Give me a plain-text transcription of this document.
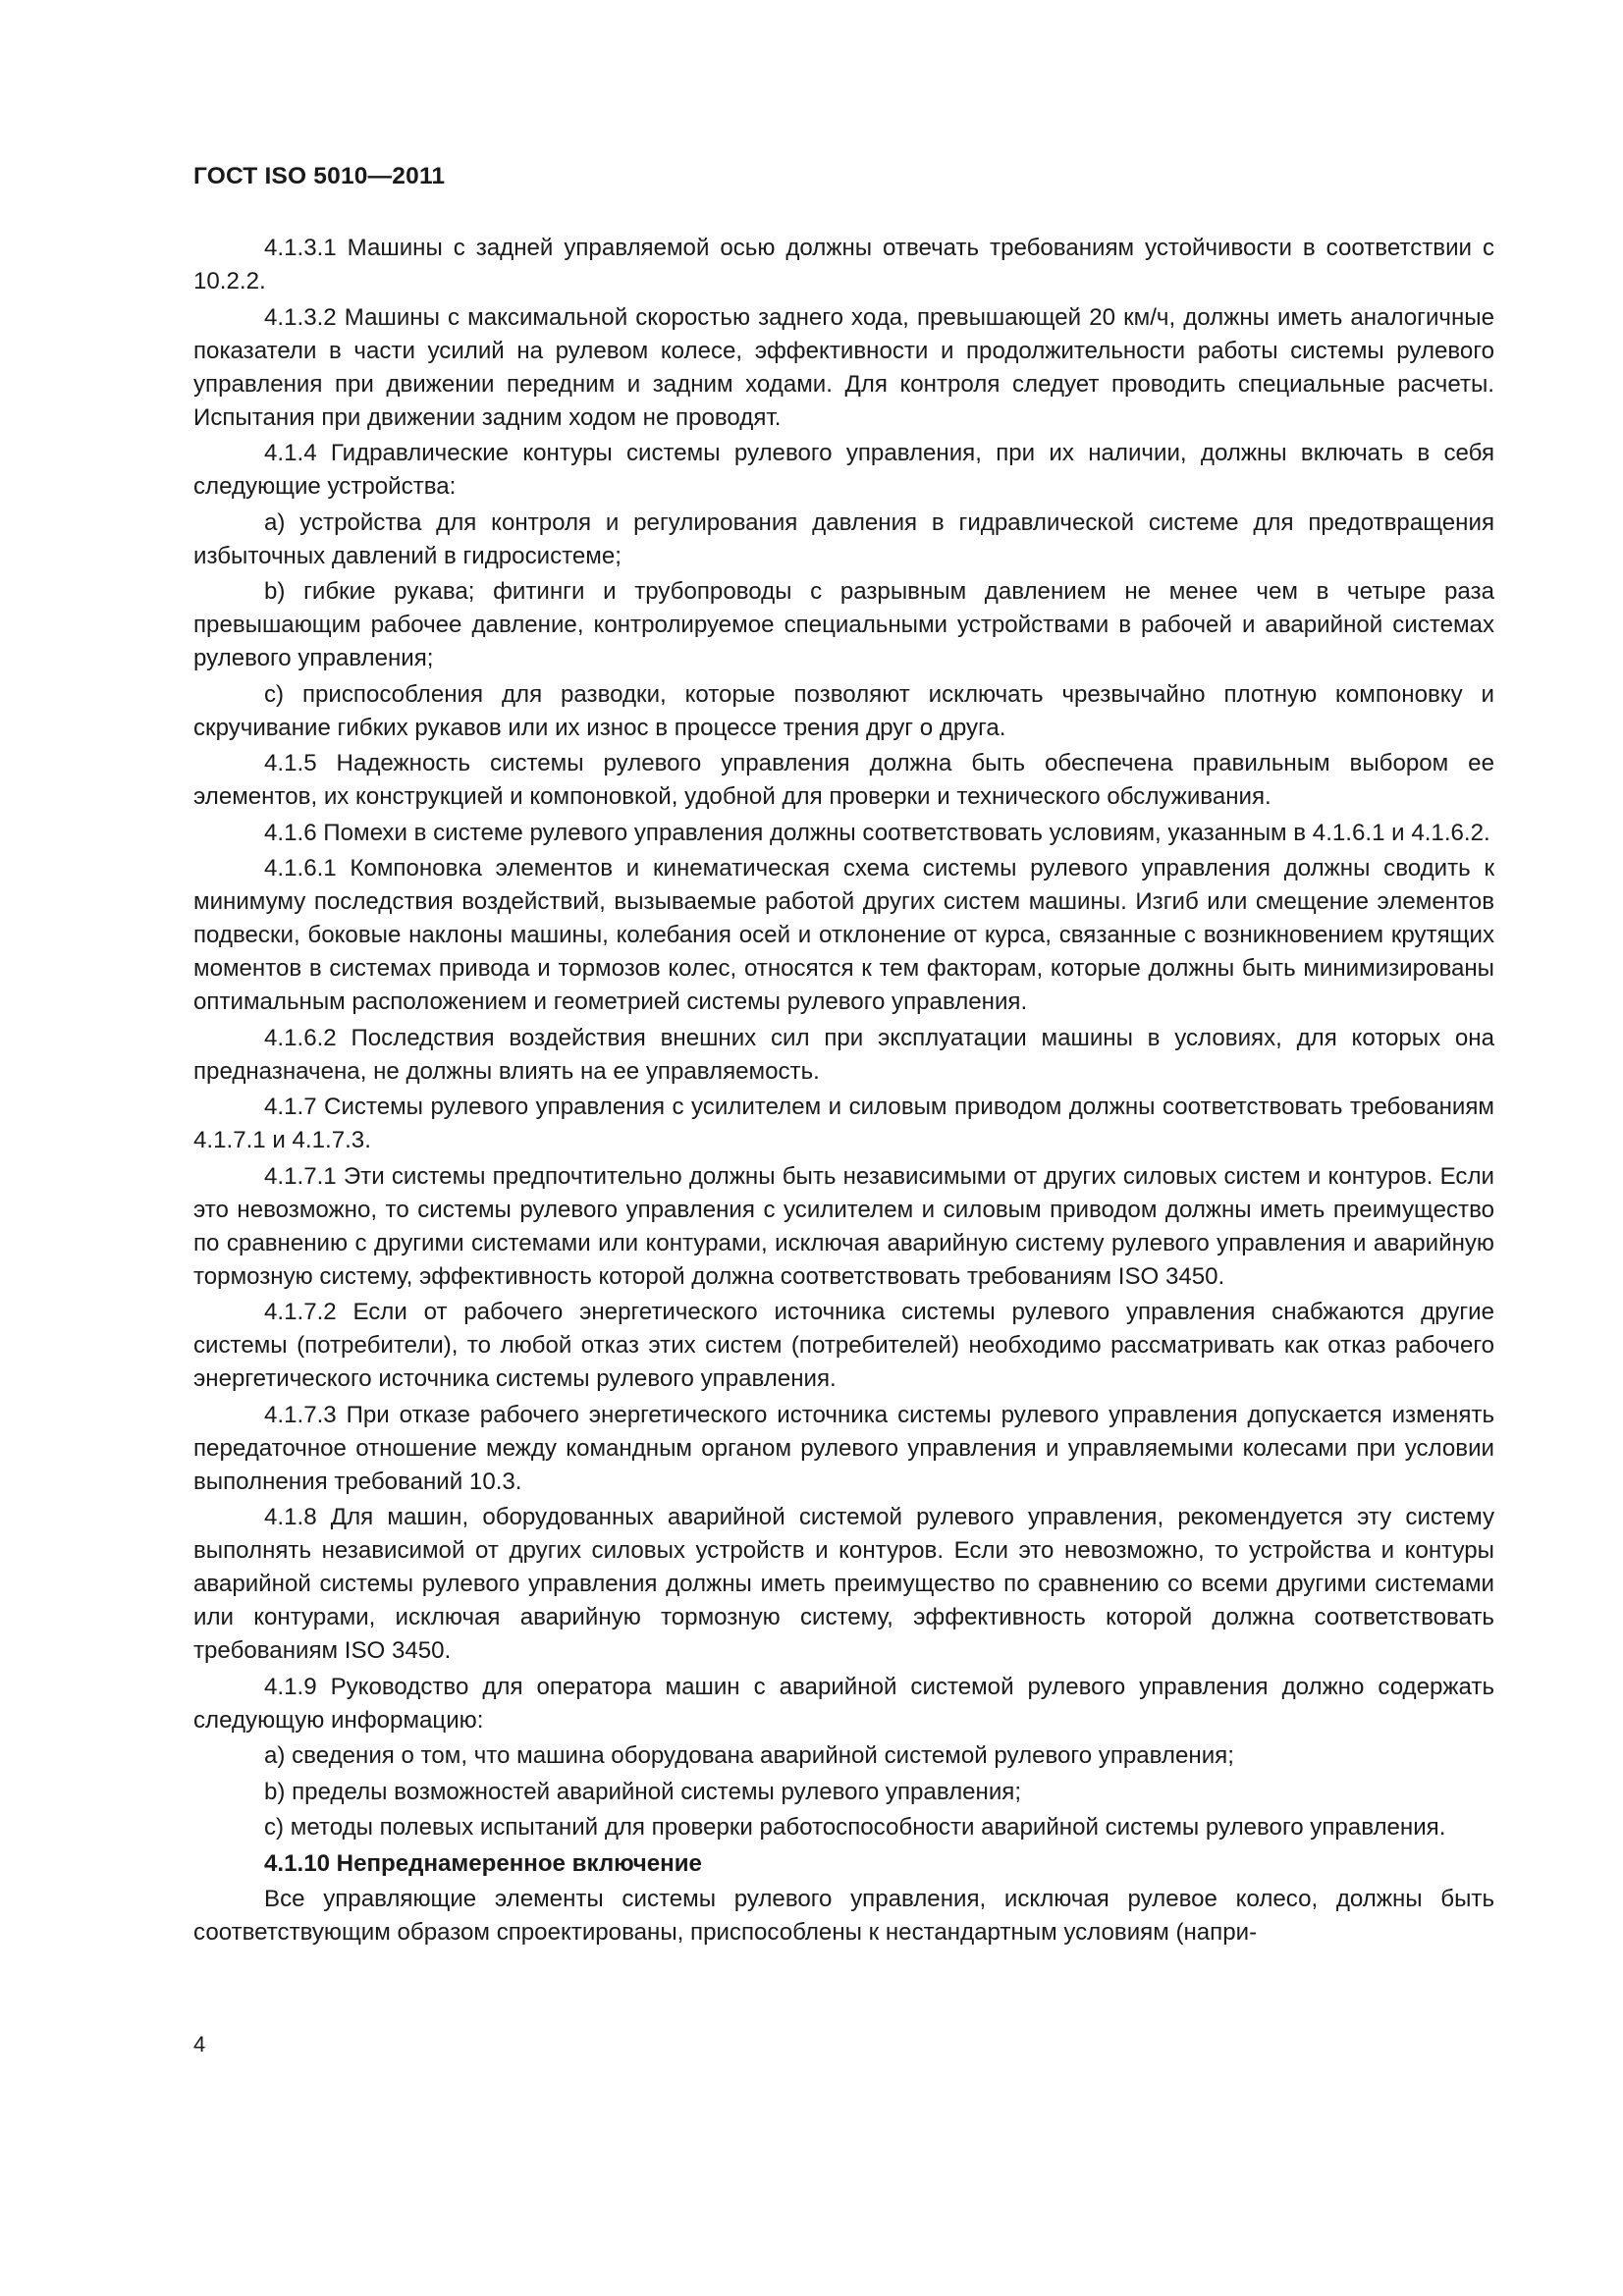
ГОСТ ISO 5010—2011

4.1.3.1 Машины с задней управляемой осью должны отвечать требованиям устойчивости в соответствии с 10.2.2.

4.1.3.2 Машины с максимальной скоростью заднего хода, превышающей 20 км/ч, должны иметь аналогичные показатели в части усилий на рулевом колесе, эффективности и продолжительности работы системы рулевого управления при движении передним и задним ходами. Для контроля следует проводить специальные расчеты. Испытания при движении задним ходом не проводят.

4.1.4 Гидравлические контуры системы рулевого управления, при их наличии, должны включать в себя следующие устройства:

a) устройства для контроля и регулирования давления в гидравлической системе для предотвращения избыточных давлений в гидросистеме;

b) гибкие рукава; фитинги и трубопроводы с разрывным давлением не менее чем в четыре раза превышающим рабочее давление, контролируемое специальными устройствами в рабочей и аварийной системах рулевого управления;

c) приспособления для разводки, которые позволяют исключать чрезвычайно плотную компоновку и скручивание гибких рукавов или их износ в процессе трения друг о друга.

4.1.5 Надежность системы рулевого управления должна быть обеспечена правильным выбором ее элементов, их конструкцией и компоновкой, удобной для проверки и технического обслуживания.

4.1.6 Помехи в системе рулевого управления должны соответствовать условиям, указанным в 4.1.6.1 и 4.1.6.2.

4.1.6.1 Компоновка элементов и кинематическая схема системы рулевого управления должны сводить к минимуму последствия воздействий, вызываемые работой других систем машины. Изгиб или смещение элементов подвески, боковые наклоны машины, колебания осей и отклонение от курса, связанные с возникновением крутящих моментов в системах привода и тормозов колес, относятся к тем факторам, которые должны быть минимизированы оптимальным расположением и геометрией системы рулевого управления.

4.1.6.2 Последствия воздействия внешних сил при эксплуатации машины в условиях, для которых она предназначена, не должны влиять на ее управляемость.

4.1.7 Системы рулевого управления с усилителем и силовым приводом должны соответствовать требованиям 4.1.7.1 и 4.1.7.3.

4.1.7.1 Эти системы предпочтительно должны быть независимыми от других силовых систем и контуров. Если это невозможно, то системы рулевого управления с усилителем и силовым приводом должны иметь преимущество по сравнению с другими системами или контурами, исключая аварийную систему рулевого управления и аварийную тормозную систему, эффективность которой должна соответствовать требованиям ISO 3450.

4.1.7.2 Если от рабочего энергетического источника системы рулевого управления снабжаются другие системы (потребители), то любой отказ этих систем (потребителей) необходимо рассматривать как отказ рабочего энергетического источника системы рулевого управления.

4.1.7.3 При отказе рабочего энергетического источника системы рулевого управления допускается изменять передаточное отношение между командным органом рулевого управления и управляемыми колесами при условии выполнения требований 10.3.

4.1.8 Для машин, оборудованных аварийной системой рулевого управления, рекомендуется эту систему выполнять независимой от других силовых устройств и контуров. Если это невозможно, то устройства и контуры аварийной системы рулевого управления должны иметь преимущество по сравнению со всеми другими системами или контурами, исключая аварийную тормозную систему, эффективность которой должна соответствовать требованиям ISO 3450.

4.1.9 Руководство для оператора машин с аварийной системой рулевого управления должно содержать следующую информацию:

a) сведения о том, что машина оборудована аварийной системой рулевого управления;

b) пределы возможностей аварийной системы рулевого управления;

c) методы полевых испытаний для проверки работоспособности аварийной системы рулевого управления.

4.1.10 Непреднамеренное включение

Все управляющие элементы системы рулевого управления, исключая рулевое колесо, должны быть соответствующим образом спроектированы, приспособлены к нестандартным условиям (напри-

4
